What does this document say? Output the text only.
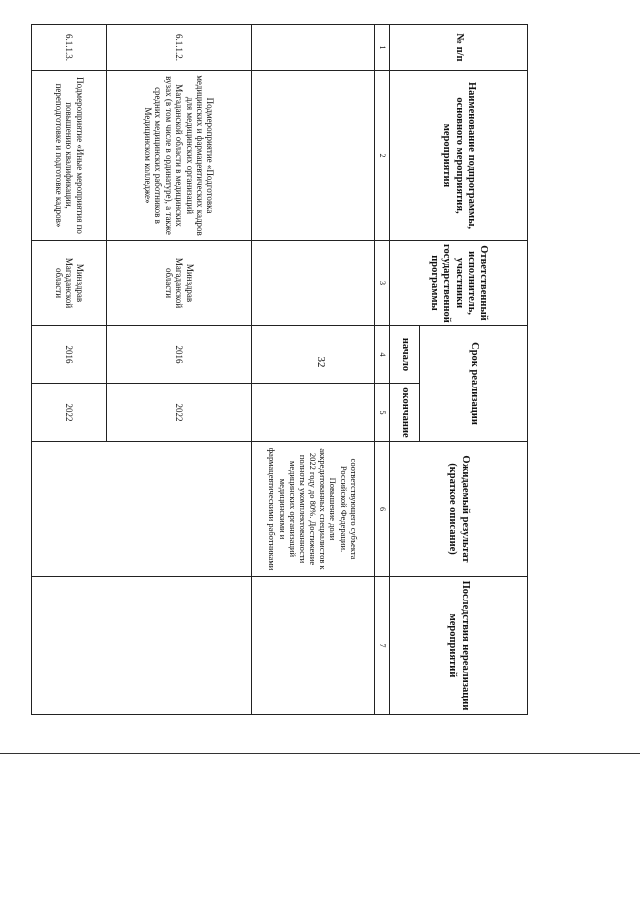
32
№ п/п	Наименование подпрограммы, основного мероприятия, мероприятия	Ответственный исполнитель, участники государственной программы	Срок реализации		Ожидаемый результат (краткое описание)	Последствия нереализации мероприятий
			начало	окончание		
1	2	3	4	5	6	7
					соответствующего субъекта Российской Федерации. Повышение доли аккредитованных специалистов к 2022 году до 80%. Достижение полноты укомплектованности медицинских организаций медицинскими и фармацевтическими работниками	
6.1.1.2.	Подмероприятие «Подготовка медицинских и фармацевтических кадров для медицинских организаций Магаданской области в медицинских вузах (в том числе в ординатуре), а также средних медицинских работников в Медицинском колледже»	Минздрав Магаданской области	2016	2022		
6.1.1.3.	Подмероприятие «Иные мероприятия по повышению квалификации, переподготовке и подготовке кадров»	Минздрав Магаданской области	2016	2022		
